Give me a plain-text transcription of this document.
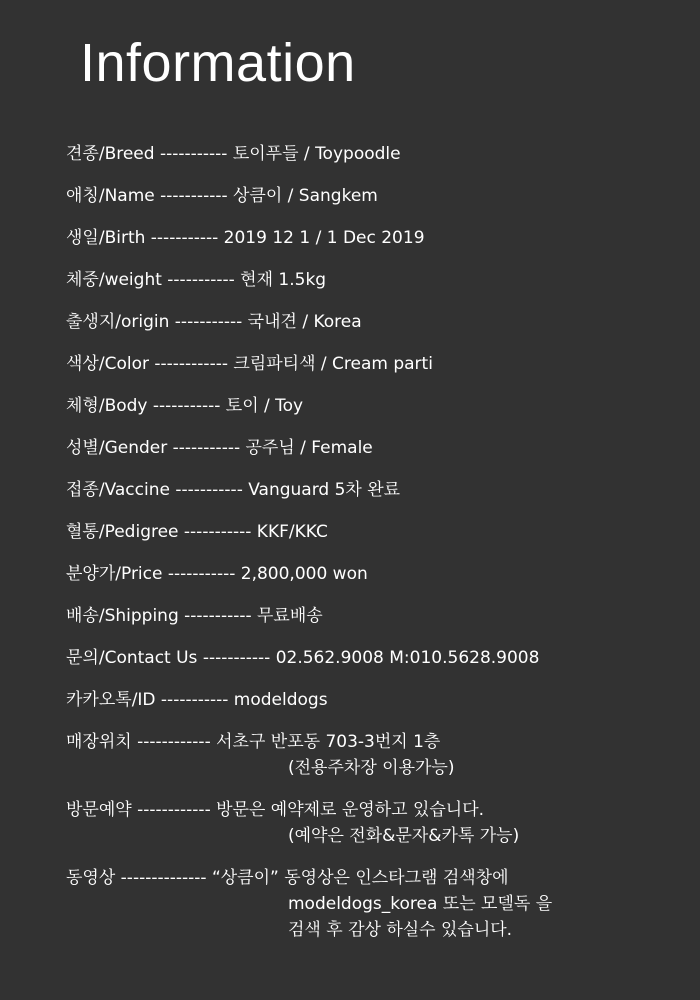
Information
견종/Breed ----------- 토이푸들 / Toypoodle
애칭/Name ----------- 상큼이 / Sangkem
생일/Birth ----------- 2019 12 1 / 1 Dec 2019
체중/weight ----------- 현재 1.5kg
출생지/origin ----------- 국내견 / Korea
색상/Color ------------ 크림파티색 / Cream parti
체형/Body ----------- 토이 / Toy
성별/Gender ----------- 공주님 / Female
접종/Vaccine ----------- Vanguard 5차 완료
혈통/Pedigree ----------- KKF/KKC
분양가/Price ----------- 2,800,000 won
배송/Shipping ----------- 무료배송
문의/Contact Us ----------- 02.562.9008 M:010.5628.9008
카카오톡/ID ----------- modeldogs
매장위치 ------------ 서초구 반포동 703-3번지 1층
(전용주차장 이용가능)
방문예약 ------------ 방문은 예약제로 운영하고 있습니다.
(예약은 전화&문자&카톡 가능)
동영상 -------------- “상큼이” 동영상은 인스타그램 검색창에
modeldogs_korea 또는 모델독 을
검색 후 감상 하실수 있습니다.
